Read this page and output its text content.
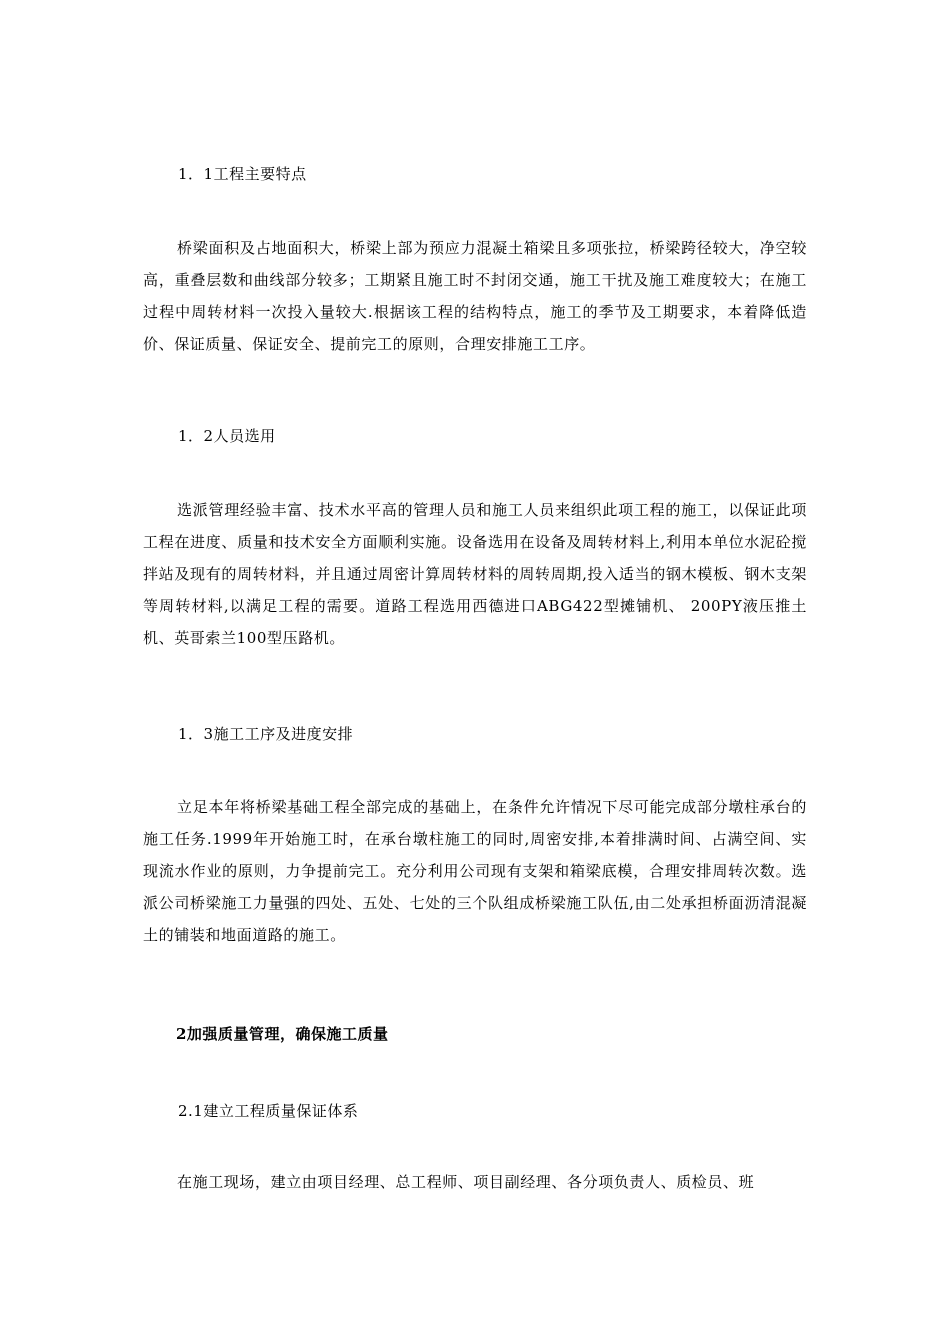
1．1工程主要特点

桥梁面积及占地面积大，桥梁上部为预应力混凝土箱梁且多项张拉，桥梁跨径较大，净空较高，重叠层数和曲线部分较多；工期紧且施工时不封闭交通，施工干扰及施工难度较大；在施工过程中周转材料一次投入量较大.根据该工程的结构特点，施工的季节及工期要求，本着降低造价、保证质量、保证安全、提前完工的原则，合理安排施工工序。

1．2人员选用

选派管理经验丰富、技术水平高的管理人员和施工人员来组织此项工程的施工，以保证此项工程在进度、质量和技术安全方面顺利实施。设备选用在设备及周转材料上,利用本单位水泥砼搅拌站及现有的周转材料，并且通过周密计算周转材料的周转周期,投入适当的钢木模板、钢木支架等周转材料,以满足工程的需要。道路工程选用西德进口ABG422型摊铺机、 200PY液压推土机、英哥索兰100型压路机。

1．3施工工序及进度安排

立足本年将桥梁基础工程全部完成的基础上，在条件允许情况下尽可能完成部分墩柱承台的施工任务.1999年开始施工时，在承台墩柱施工的同时,周密安排,本着排满时间、占满空间、实现流水作业的原则，力争提前完工。充分利用公司现有支架和箱梁底模，合理安排周转次数。选派公司桥梁施工力量强的四处、五处、七处的三个队组成桥梁施工队伍,由二处承担桥面沥清混凝土的铺装和地面道路的施工。

2加强质量管理，确保施工质量
2.1建立工程质量保证体系

在施工现场，建立由项目经理、总工程师、项目副经理、各分项负责人、质检员、班
